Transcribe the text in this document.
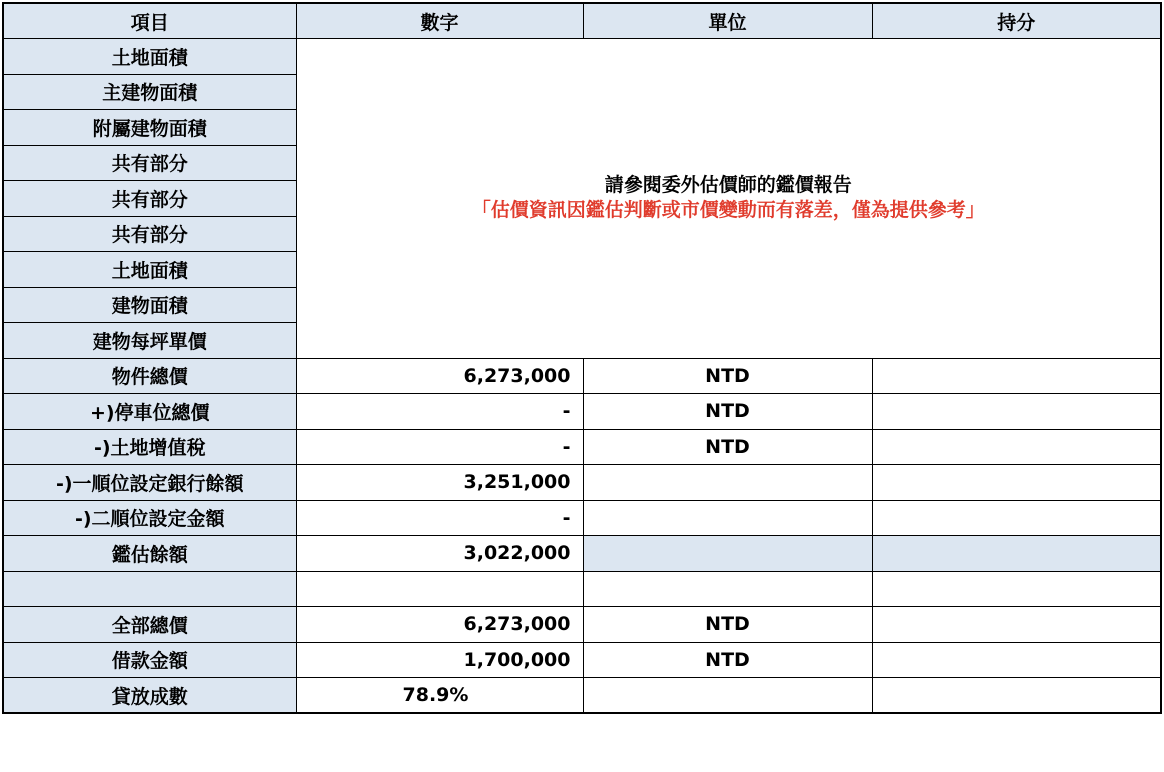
項目	數字	單位	持分
土地面積	請參閱委外估價師的鑑價報告
「估價資訊因鑑估判斷或市價變動而有落差，僅為提供參考」		

主建物面積			
附屬建物面積			
共有部分			
共有部分			
共有部分			
土地面積			
建物面積			
建物每坪單價			
物件總價	6,273,000	NTD	
+)停車位總價	-	NTD	
-)土地增值稅	-	NTD	
-)一順位設定銀行餘額	3,251,000		
-)二順位設定金額	-		
鑑估餘額	3,022,000		

全部總價	6,273,000	NTD	
借款金額	1,700,000	NTD	
貸放成數	78.9%		
